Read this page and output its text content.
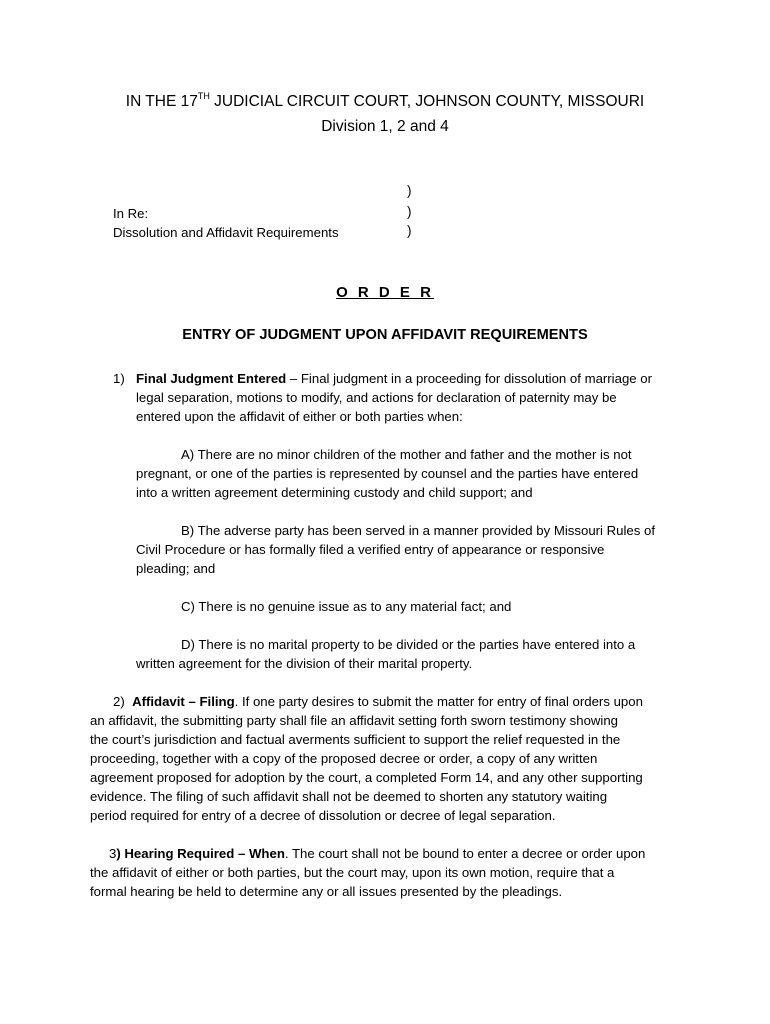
IN THE 17TH JUDICIAL CIRCUIT COURT, JOHNSON COUNTY, MISSOURI
Division 1, 2 and 4
)
In Re:	)
Dissolution and Affidavit Requirements	)
O R D E R
ENTRY OF JUDGMENT UPON AFFIDAVIT REQUIREMENTS
1) Final Judgment Entered – Final judgment in a proceeding for dissolution of marriage or
legal separation, motions to modify, and actions for declaration of paternity may be
entered upon the affidavit of either or both parties when:
A) There are no minor children of the mother and father and the mother is not
pregnant, or one of the parties is represented by counsel and the parties have entered
into a written agreement determining custody and child support; and
B) The adverse party has been served in a manner provided by Missouri Rules of
Civil Procedure or has formally filed a verified entry of appearance or responsive
pleading; and
C) There is no genuine issue as to any material fact; and
D) There is no marital property to be divided or the parties have entered into a
written agreement for the division of their marital property.
2) Affidavit – Filing. If one party desires to submit the matter for entry of final orders upon
an affidavit, the submitting party shall file an affidavit setting forth sworn testimony showing
the court’s jurisdiction and factual averments sufficient to support the relief requested in the
proceeding, together with a copy of the proposed decree or order, a copy of any written
agreement proposed for adoption by the court, a completed Form 14, and any other supporting
evidence. The filing of such affidavit shall not be deemed to shorten any statutory waiting
period required for entry of a decree of dissolution or decree of legal separation.
3) Hearing Required – When. The court shall not be bound to enter a decree or order upon
the affidavit of either or both parties, but the court may, upon its own motion, require that a
formal hearing be held to determine any or all issues presented by the pleadings.
